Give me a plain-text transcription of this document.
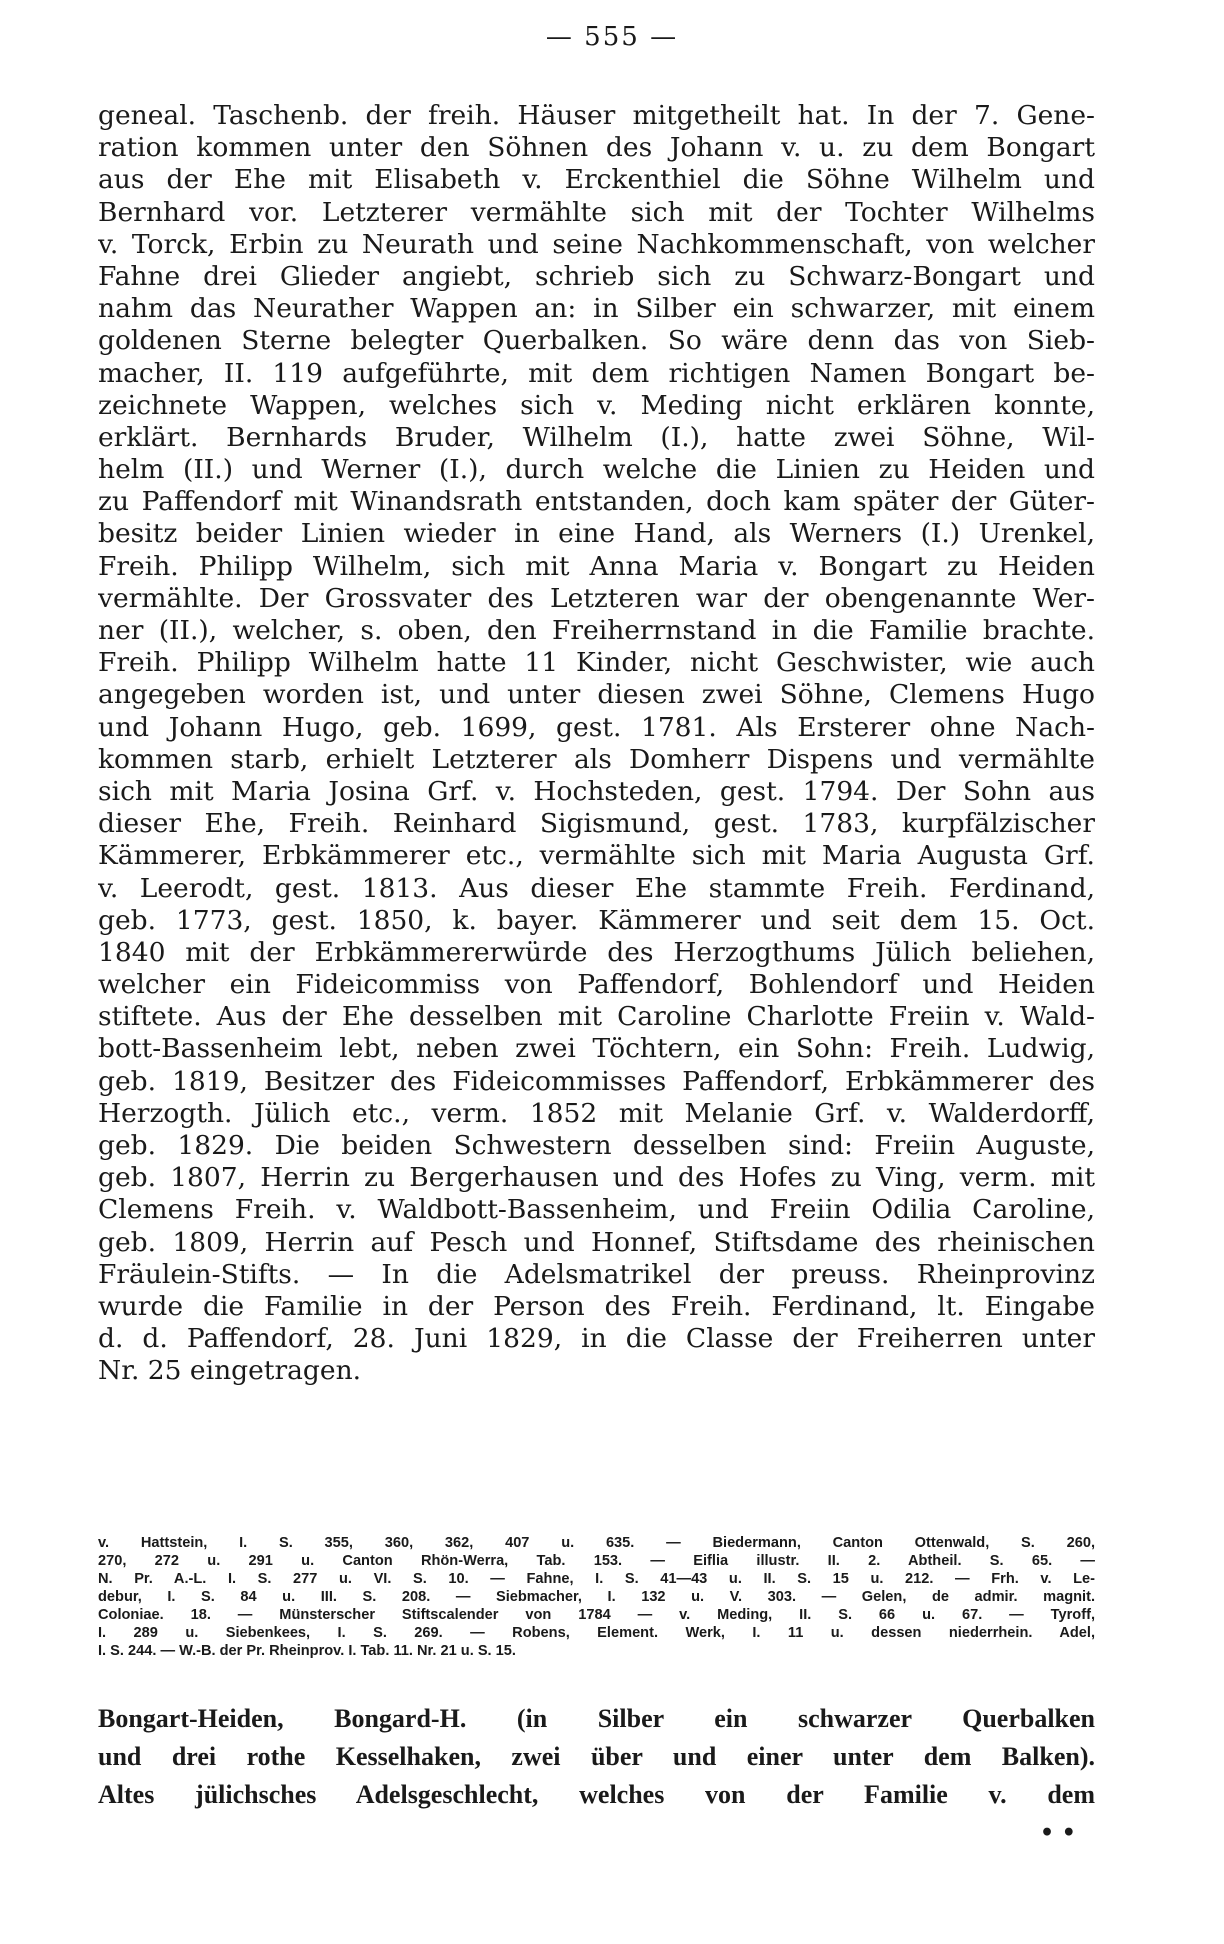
— 555 —
geneal. Taschenb. der freih. Häuser mitgetheilt hat. In der 7. Gene-
ration kommen unter den Söhnen des Johann v. u. zu dem Bongart
aus der Ehe mit Elisabeth v. Erckenthiel die Söhne Wilhelm und
Bernhard vor. Letzterer vermählte sich mit der Tochter Wilhelms
v. Torck, Erbin zu Neurath und seine Nachkommenschaft, von welcher
Fahne drei Glieder angiebt, schrieb sich zu Schwarz-Bongart und
nahm das Neurather Wappen an: in Silber ein schwarzer, mit einem
goldenen Sterne belegter Querbalken. So wäre denn das von Sieb-
macher, II. 119 aufgeführte, mit dem richtigen Namen Bongart be-
zeichnete Wappen, welches sich v. Meding nicht erklären konnte,
erklärt. Bernhards Bruder, Wilhelm (I.), hatte zwei Söhne, Wil-
helm (II.) und Werner (I.), durch welche die Linien zu Heiden und
zu Paffendorf mit Winandsrath entstanden, doch kam später der Güter-
besitz beider Linien wieder in eine Hand, als Werners (I.) Urenkel,
Freih. Philipp Wilhelm, sich mit Anna Maria v. Bongart zu Heiden
vermählte. Der Grossvater des Letzteren war der obengenannte Wer-
ner (II.), welcher, s. oben, den Freiherrnstand in die Familie brachte.
Freih. Philipp Wilhelm hatte 11 Kinder, nicht Geschwister, wie auch
angegeben worden ist, und unter diesen zwei Söhne, Clemens Hugo
und Johann Hugo, geb. 1699, gest. 1781. Als Ersterer ohne Nach-
kommen starb, erhielt Letzterer als Domherr Dispens und vermählte
sich mit Maria Josina Grf. v. Hochsteden, gest. 1794. Der Sohn aus
dieser Ehe, Freih. Reinhard Sigismund, gest. 1783, kurpfälzischer
Kämmerer, Erbkämmerer etc., vermählte sich mit Maria Augusta Grf.
v. Leerodt, gest. 1813. Aus dieser Ehe stammte Freih. Ferdinand,
geb. 1773, gest. 1850, k. bayer. Kämmerer und seit dem 15. Oct.
1840 mit der Erbkämmererwürde des Herzogthums Jülich beliehen,
welcher ein Fideicommiss von Paffendorf, Bohlendorf und Heiden
stiftete. Aus der Ehe desselben mit Caroline Charlotte Freiin v. Wald-
bott-Bassenheim lebt, neben zwei Töchtern, ein Sohn: Freih. Ludwig,
geb. 1819, Besitzer des Fideicommisses Paffendorf, Erbkämmerer des
Herzogth. Jülich etc., verm. 1852 mit Melanie Grf. v. Walderdorff,
geb. 1829. Die beiden Schwestern desselben sind: Freiin Auguste,
geb. 1807, Herrin zu Bergerhausen und des Hofes zu Ving, verm. mit
Clemens Freih. v. Waldbott-Bassenheim, und Freiin Odilia Caroline,
geb. 1809, Herrin auf Pesch und Honnef, Stiftsdame des rheinischen
Fräulein-Stifts. — In die Adelsmatrikel der preuss. Rheinprovinz
wurde die Familie in der Person des Freih. Ferdinand, lt. Eingabe
d. d. Paffendorf, 28. Juni 1829, in die Classe der Freiherren unter
Nr. 25 eingetragen.
v. Hattstein, I. S. 355, 360, 362, 407 u. 635. — Biedermann, Canton Ottenwald, S. 260,
270, 272 u. 291 u. Canton Rhön-Werra, Tab. 153. — Eiflia illustr. II. 2. Abtheil. S. 65. —
N. Pr. A.-L. I. S. 277 u. VI. S. 10. — Fahne, I. S. 41—43 u. II. S. 15 u. 212. — Frh. v. Le-
debur, I. S. 84 u. III. S. 208. — Siebmacher, I. 132 u. V. 303. — Gelen, de admir. magnit.
Coloniae. 18. — Münsterscher Stiftscalender von 1784 — v. Meding, II. S. 66 u. 67. — Tyroff,
I. 289 u. Siebenkees, I. S. 269. — Robens, Element. Werk, I. 11 u. dessen niederrhein. Adel,
I. S. 244. — W.-B. der Pr. Rheinprov. I. Tab. 11. Nr. 21 u. S. 15.
Bongart-Heiden, Bongard-H. (in Silber ein schwarzer Querbalken
und drei rothe Kesselhaken, zwei über und einer unter dem Balken).
Altes jülichsches Adelsgeschlecht, welches von der Familie v. dem
• •
